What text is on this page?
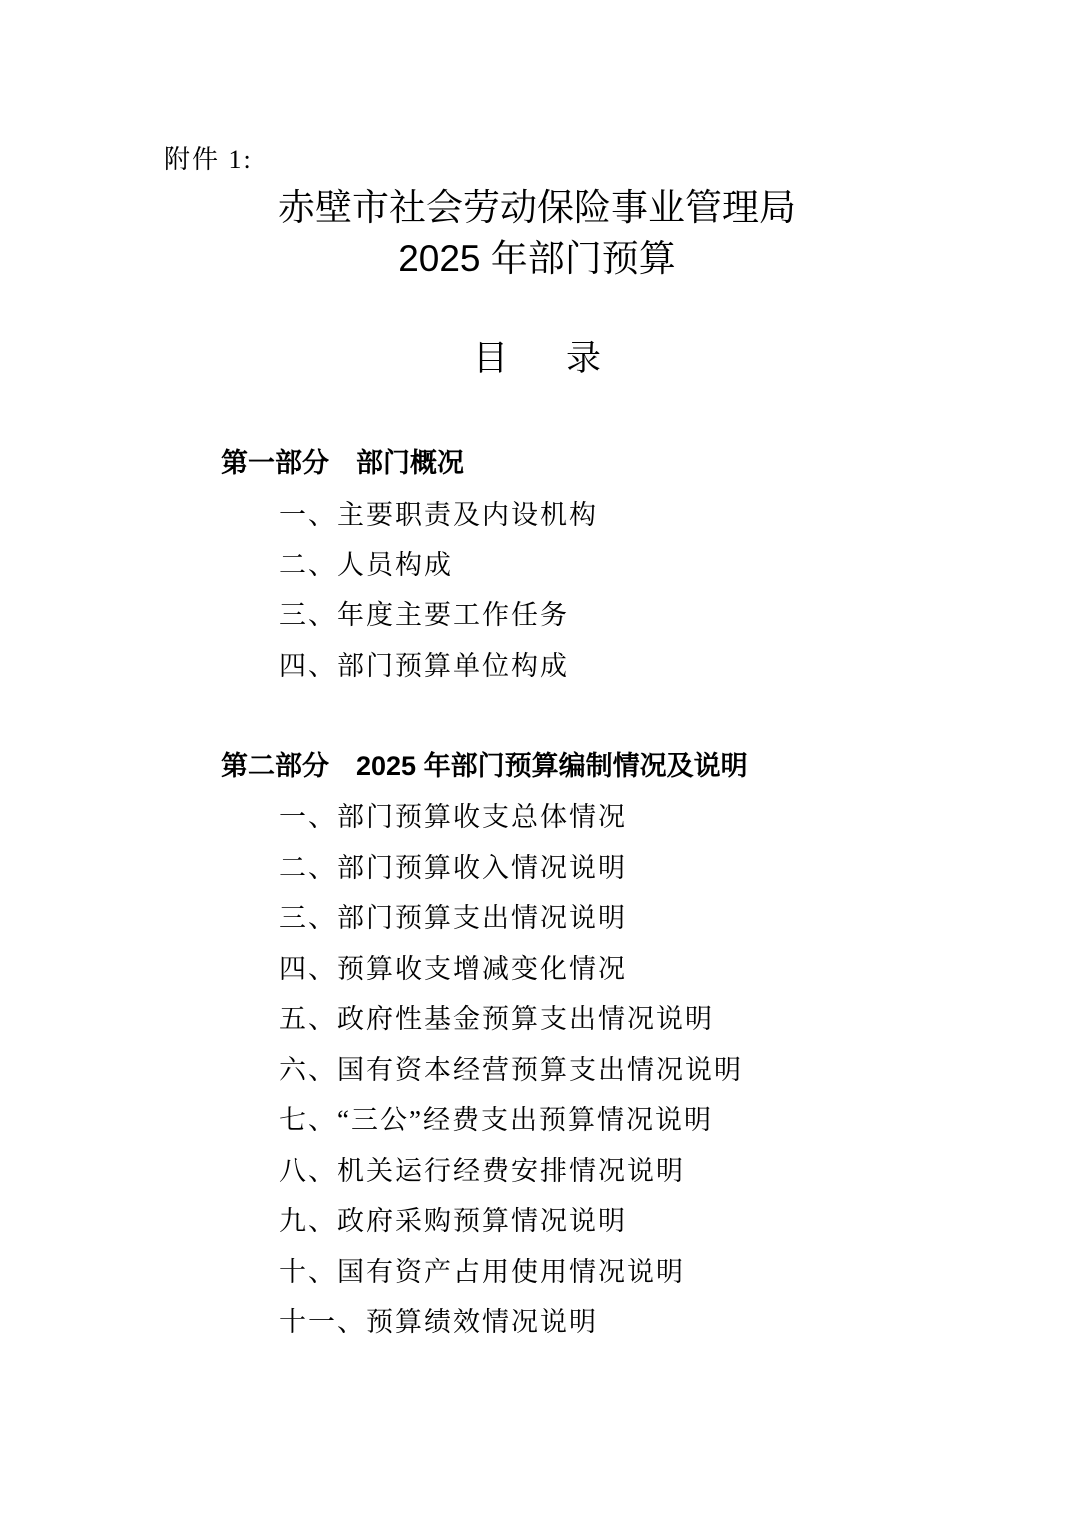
附件 1:
赤壁市社会劳动保险事业管理局
2025 年部门预算
目 录
第一部分 部门概况
一、主要职责及内设机构
二、人员构成
三、年度主要工作任务
四、部门预算单位构成
第二部分 2025 年部门预算编制情况及说明
一、部门预算收支总体情况
二、部门预算收入情况说明
三、部门预算支出情况说明
四、预算收支增减变化情况
五、政府性基金预算支出情况说明
六、国有资本经营预算支出情况说明
七、“三公”经费支出预算情况说明
八、机关运行经费安排情况说明
九、政府采购预算情况说明
十、国有资产占用使用情况说明
十一、预算绩效情况说明
